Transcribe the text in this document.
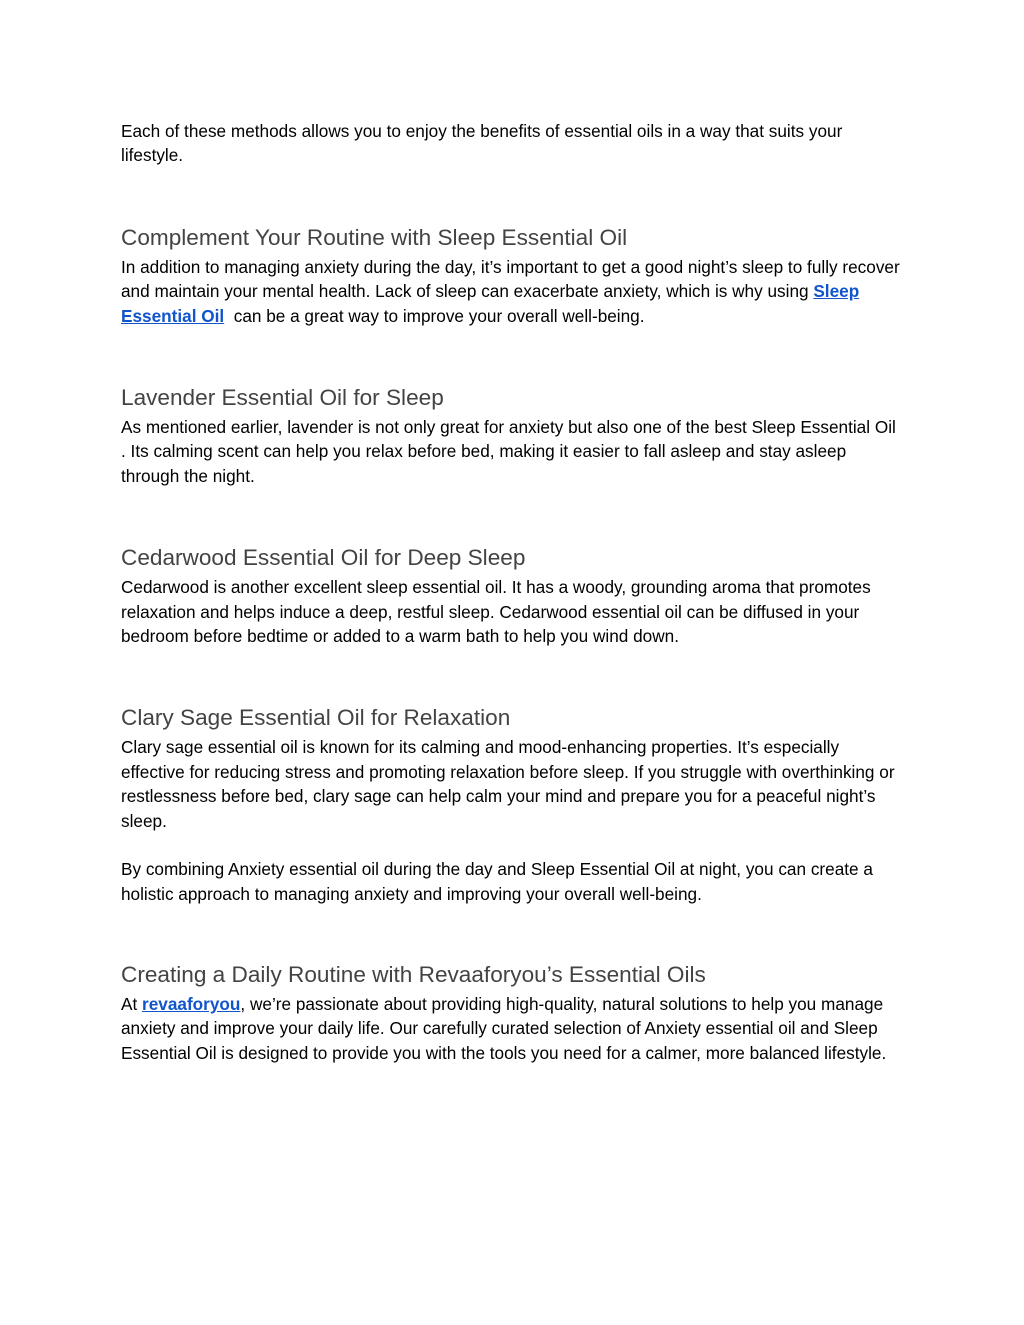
Each of these methods allows you to enjoy the benefits of essential oils in a way that suits your lifestyle.

Complement Your Routine with Sleep Essential Oil

In addition to managing anxiety during the day, it’s important to get a good night’s sleep to fully recover and maintain your mental health. Lack of sleep can exacerbate anxiety, which is why using Sleep Essential Oil  can be a great way to improve your overall well-being.

Lavender Essential Oil for Sleep

As mentioned earlier, lavender is not only great for anxiety but also one of the best Sleep Essential Oil . Its calming scent can help you relax before bed, making it easier to fall asleep and stay asleep through the night.

Cedarwood Essential Oil for Deep Sleep

Cedarwood is another excellent sleep essential oil. It has a woody, grounding aroma that promotes relaxation and helps induce a deep, restful sleep. Cedarwood essential oil can be diffused in your bedroom before bedtime or added to a warm bath to help you wind down.

Clary Sage Essential Oil for Relaxation

Clary sage essential oil is known for its calming and mood-enhancing properties. It’s especially effective for reducing stress and promoting relaxation before sleep. If you struggle with overthinking or restlessness before bed, clary sage can help calm your mind and prepare you for a peaceful night’s sleep.

By combining Anxiety essential oil during the day and Sleep Essential Oil at night, you can create a holistic approach to managing anxiety and improving your overall well-being.

Creating a Daily Routine with Revaaforyou’s Essential Oils

At revaaforyou, we’re passionate about providing high-quality, natural solutions to help you manage anxiety and improve your daily life. Our carefully curated selection of Anxiety essential oil and Sleep Essential Oil is designed to provide you with the tools you need for a calmer, more balanced lifestyle.
